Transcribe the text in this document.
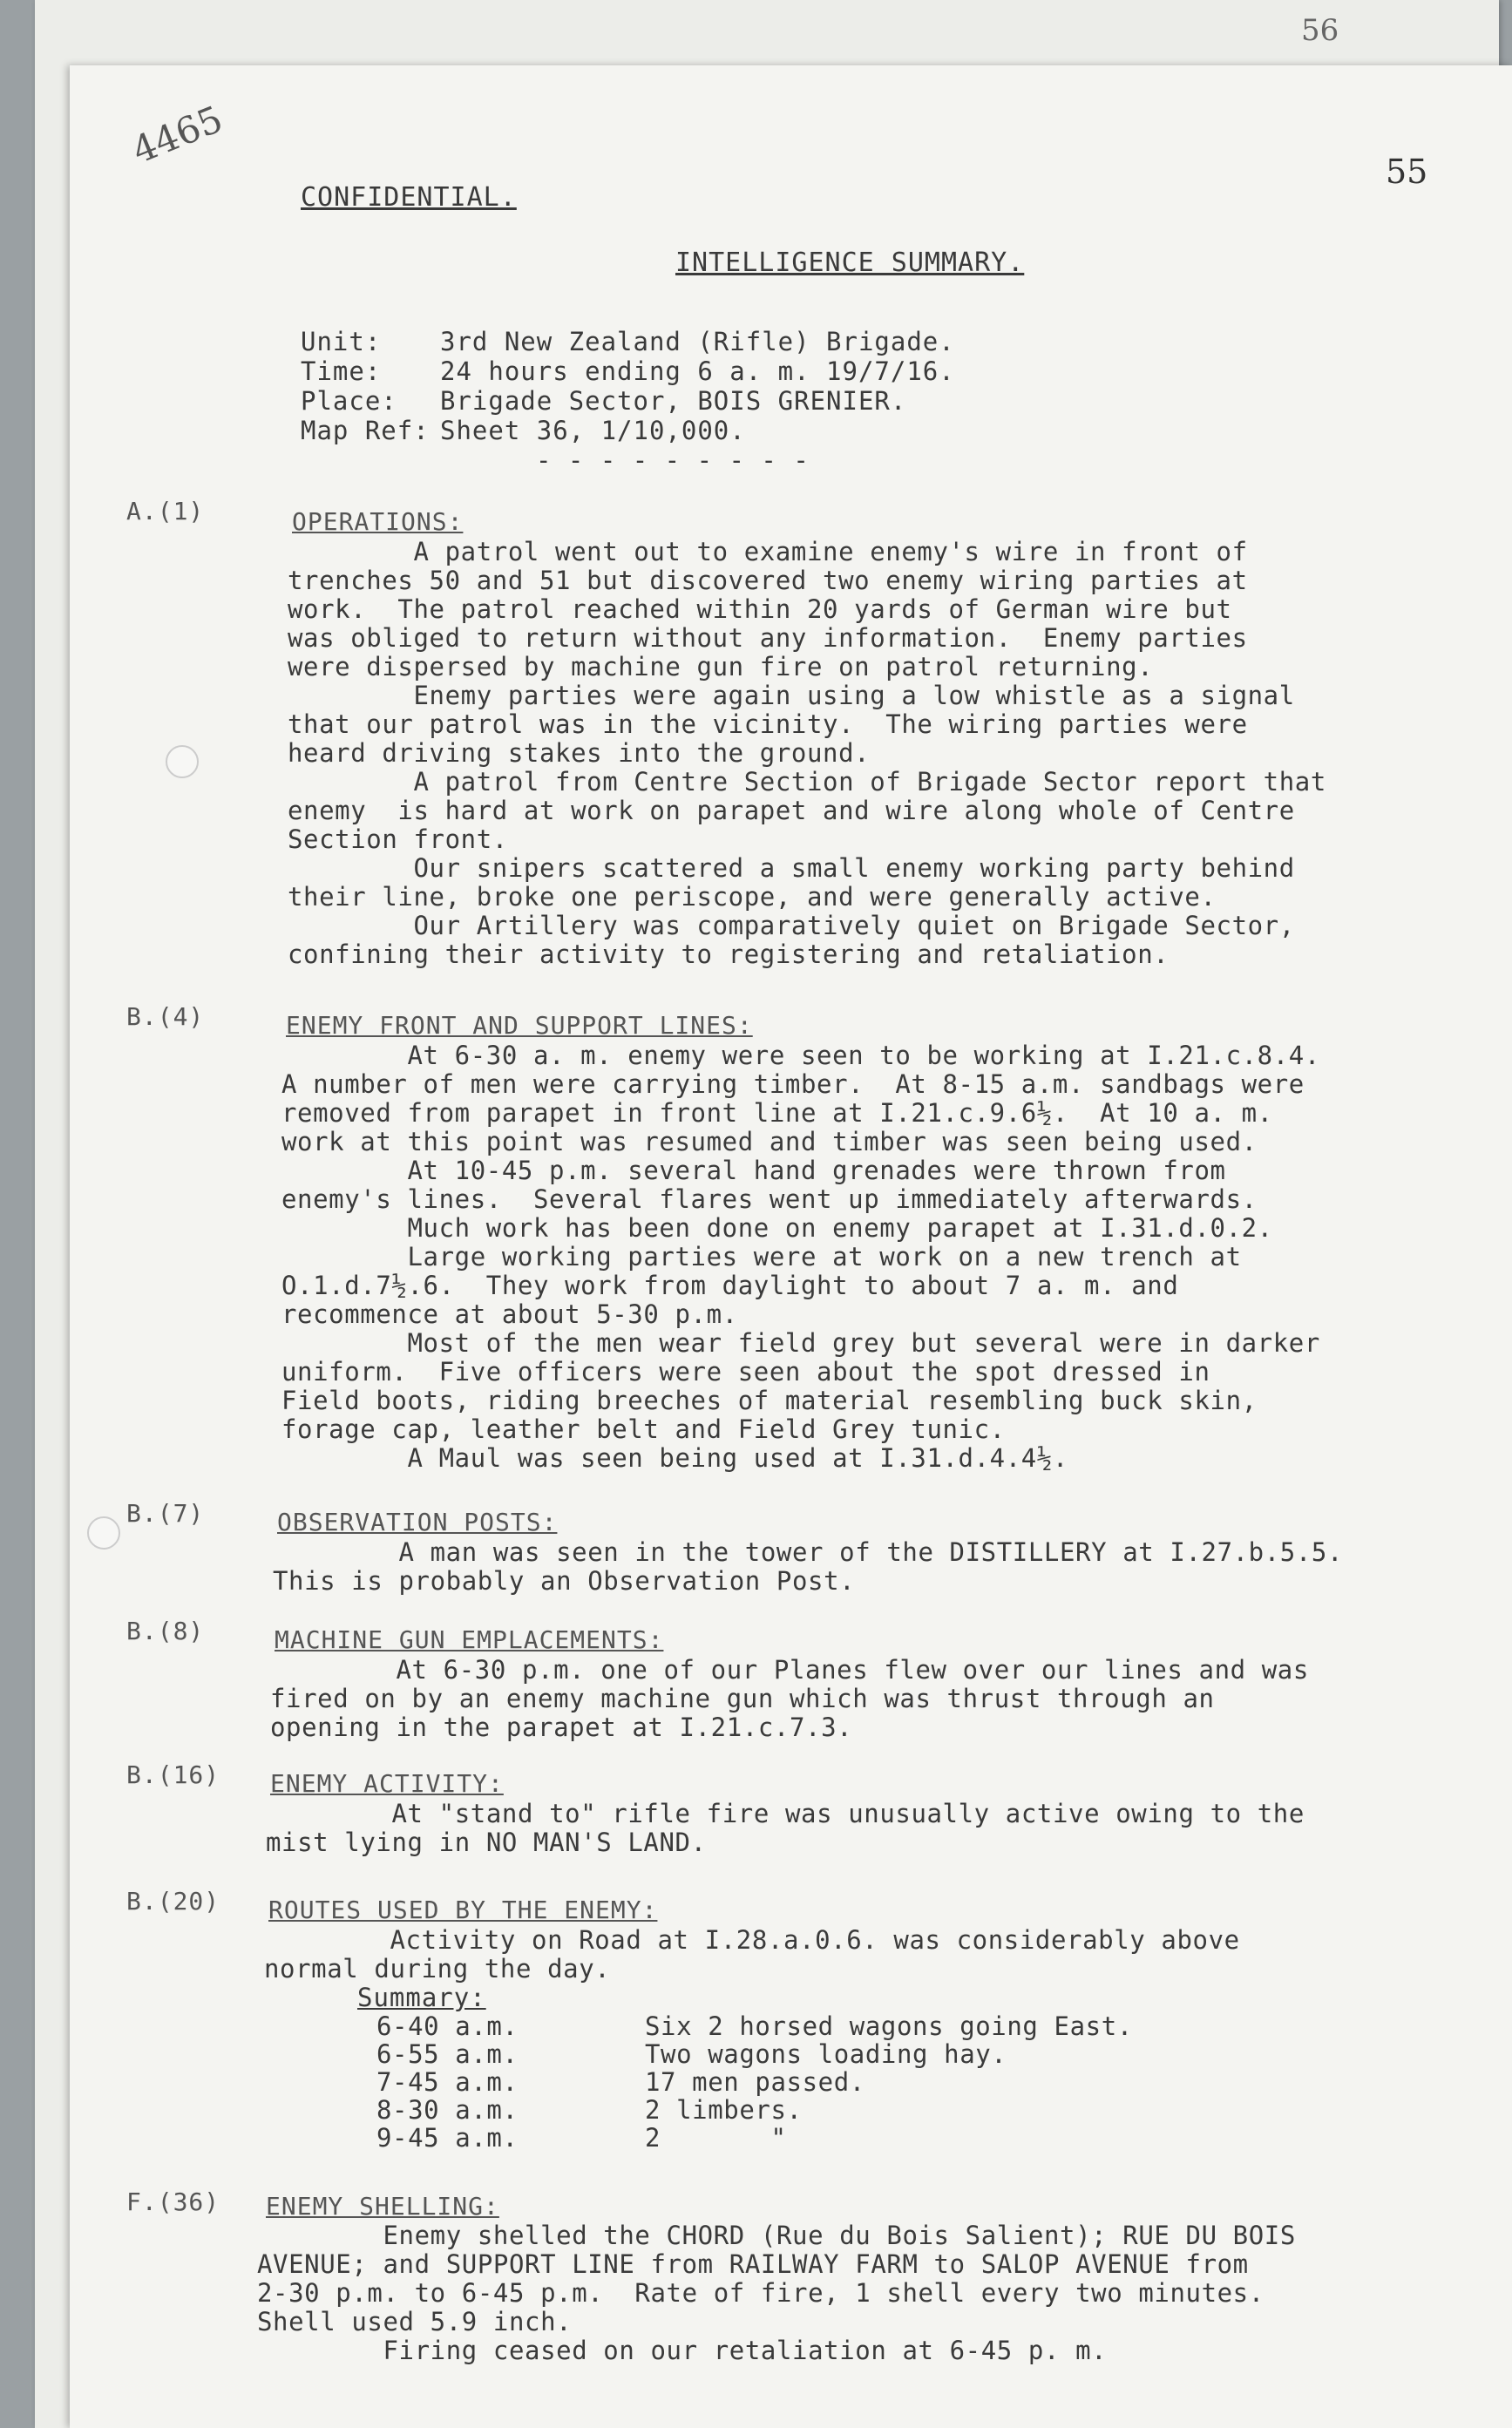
56
55
4465
CONFIDENTIAL.
INTELLIGENCE SUMMARY.
Unit: 3rd New Zealand (Rifle) Brigade.
Time: 24 hours ending 6 a. m. 19/7/16.
Place: Brigade Sector, BOIS GRENIER.
Map Ref: Sheet 36, 1/10,000.
- - - - - - - - -
A.(1)	OPERATIONS:
A patrol went out to examine enemy's wire in front of
trenches 50 and 51 but discovered two enemy wiring parties at
work.  The patrol reached within 20 yards of German wire but
was obliged to return without any information.  Enemy parties
were dispersed by machine gun fire on patrol returning.
Enemy parties were again using a low whistle as a signal
that our patrol was in the vicinity.  The wiring parties were
heard driving stakes into the ground.
A patrol from Centre Section of Brigade Sector report that
enemy  is hard at work on parapet and wire along whole of Centre
Section front.
Our snipers scattered a small enemy working party behind
their line, broke one periscope, and were generally active.
Our Artillery was comparatively quiet on Brigade Sector,
confining their activity to registering and retaliation.
B.(4)	ENEMY FRONT AND SUPPORT LINES:
At 6-30 a. m. enemy were seen to be working at I.21.c.8.4.
A number of men were carrying timber.  At 8-15 a.m. sandbags were
removed from parapet in front line at I.21.c.9.6½.  At 10 a. m.
work at this point was resumed and timber was seen being used.
At 10-45 p.m. several hand grenades were thrown from
enemy's lines.  Several flares went up immediately afterwards.
Much work has been done on enemy parapet at I.31.d.0.2.
Large working parties were at work on a new trench at
O.1.d.7½.6.  They work from daylight to about 7 a. m. and
recommence at about 5-30 p.m.
Most of the men wear field grey but several were in darker
uniform.  Five officers were seen about the spot dressed in
Field boots, riding breeches of material resembling buck skin,
forage cap, leather belt and Field Grey tunic.
A Maul was seen being used at I.31.d.4.4½.
B.(7)	OBSERVATION POSTS:
A man was seen in the tower of the DISTILLERY at I.27.b.5.5.
This is probably an Observation Post.
B.(8)	MACHINE GUN EMPLACEMENTS:
At 6-30 p.m. one of our Planes flew over our lines and was
fired on by an enemy machine gun which was thrust through an
opening in the parapet at I.21.c.7.3.
B.(16) ENEMY ACTIVITY:
At "stand to" rifle fire was unusually active owing to the
mist lying in NO MAN'S LAND.
B.(20) ROUTES USED BY THE ENEMY:
Activity on Road at I.28.a.0.6. was considerably above
normal during the day.
Summary:
6-40 a.m.	Six 2 horsed wagons going East.
6-55 a.m.	Two wagons loading hay.
7-45 a.m.	17 men passed.
8-30 a.m.	2 limbers.
9-45 a.m.	2       "
F.(36) ENEMY SHELLING:
Enemy shelled the CHORD (Rue du Bois Salient); RUE DU BOIS
AVENUE; and SUPPORT LINE from RAILWAY FARM to SALOP AVENUE from
2-30 p.m. to 6-45 p.m.  Rate of fire, 1 shell every two minutes.
Shell used 5.9 inch.
Firing ceased on our retaliation at 6-45 p. m.
